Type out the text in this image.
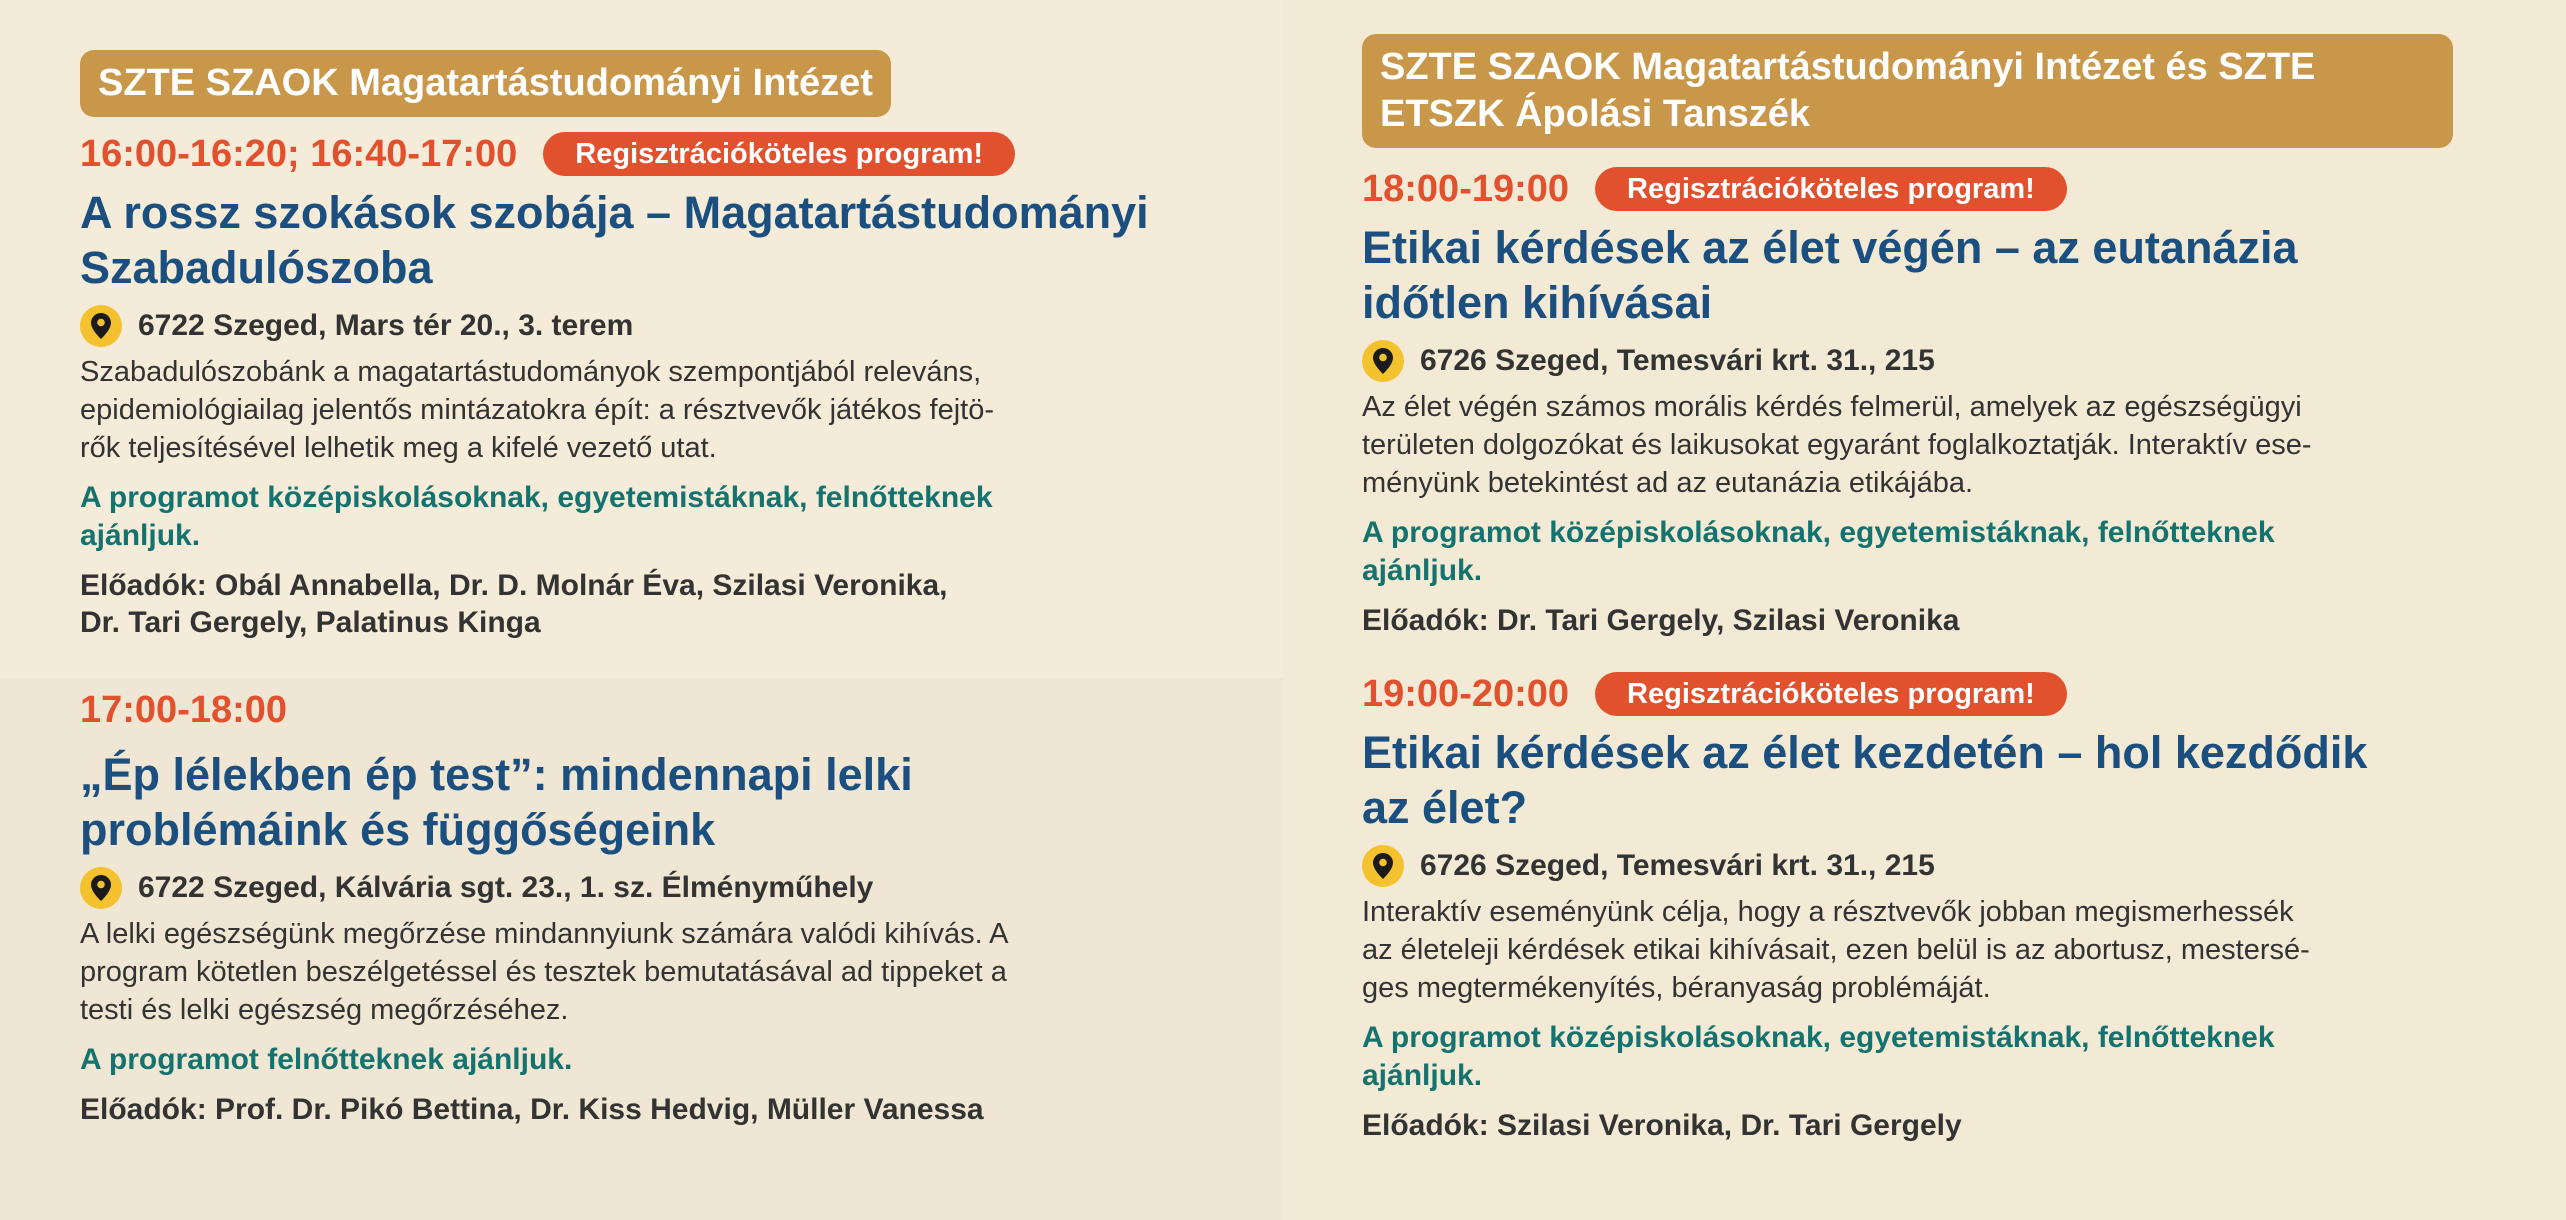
SZTE SZAOK Magatartástudományi Intézet
16:00-16:20; 16:40-17:00	Regisztrációköteles program!
A rossz szokások szobája – Magatartástudományi
Szabadulószoba
6722 Szeged, Mars tér 20., 3. terem
Szabadulószobánk a magatartástudományok szempontjából releváns,
epidemiológiailag jelentős mintázatokra épít: a résztvevők játékos fejtö-
rők teljesítésével lelhetik meg a kifelé vezető utat.
A programot középiskolásoknak, egyetemistáknak, felnőtteknek
ajánljuk.
Előadók: Obál Annabella, Dr. D. Molnár Éva, Szilasi Veronika,
Dr. Tari Gergely, Palatinus Kinga
17:00-18:00
„Ép lélekben ép test”: mindennapi lelki
problémáink és függőségeink
6722 Szeged, Kálvária sgt. 23., 1. sz. Élményműhely
A lelki egészségünk megőrzése mindannyiunk számára valódi kihívás. A
program kötetlen beszélgetéssel és tesztek bemutatásával ad tippeket a
testi és lelki egészség megőrzéséhez.
A programot felnőtteknek ajánljuk.
Előadók: Prof. Dr. Pikó Bettina, Dr. Kiss Hedvig, Müller Vanessa
SZTE SZAOK Magatartástudományi Intézet és SZTE
ETSZK Ápolási Tanszék
18:00-19:00	Regisztrációköteles program!
Etikai kérdések az élet végén – az eutanázia
időtlen kihívásai
6726 Szeged, Temesvári krt. 31., 215
Az élet végén számos morális kérdés felmerül, amelyek az egészségügyi
területen dolgozókat és laikusokat egyaránt foglalkoztatják. Interaktív ese-
ményünk betekintést ad az eutanázia etikájába.
A programot középiskolásoknak, egyetemistáknak, felnőtteknek
ajánljuk.
Előadók: Dr. Tari Gergely, Szilasi Veronika
19:00-20:00	Regisztrációköteles program!
Etikai kérdések az élet kezdetén – hol kezdődik
az élet?
6726 Szeged, Temesvári krt. 31., 215
Interaktív eseményünk célja, hogy a résztvevők jobban megismerhessék
az életeleji kérdések etikai kihívásait, ezen belül is az abortusz, mestersé-
ges megtermékenyítés, béranyaság problémáját.
A programot középiskolásoknak, egyetemistáknak, felnőtteknek
ajánljuk.
Előadók: Szilasi Veronika, Dr. Tari Gergely
